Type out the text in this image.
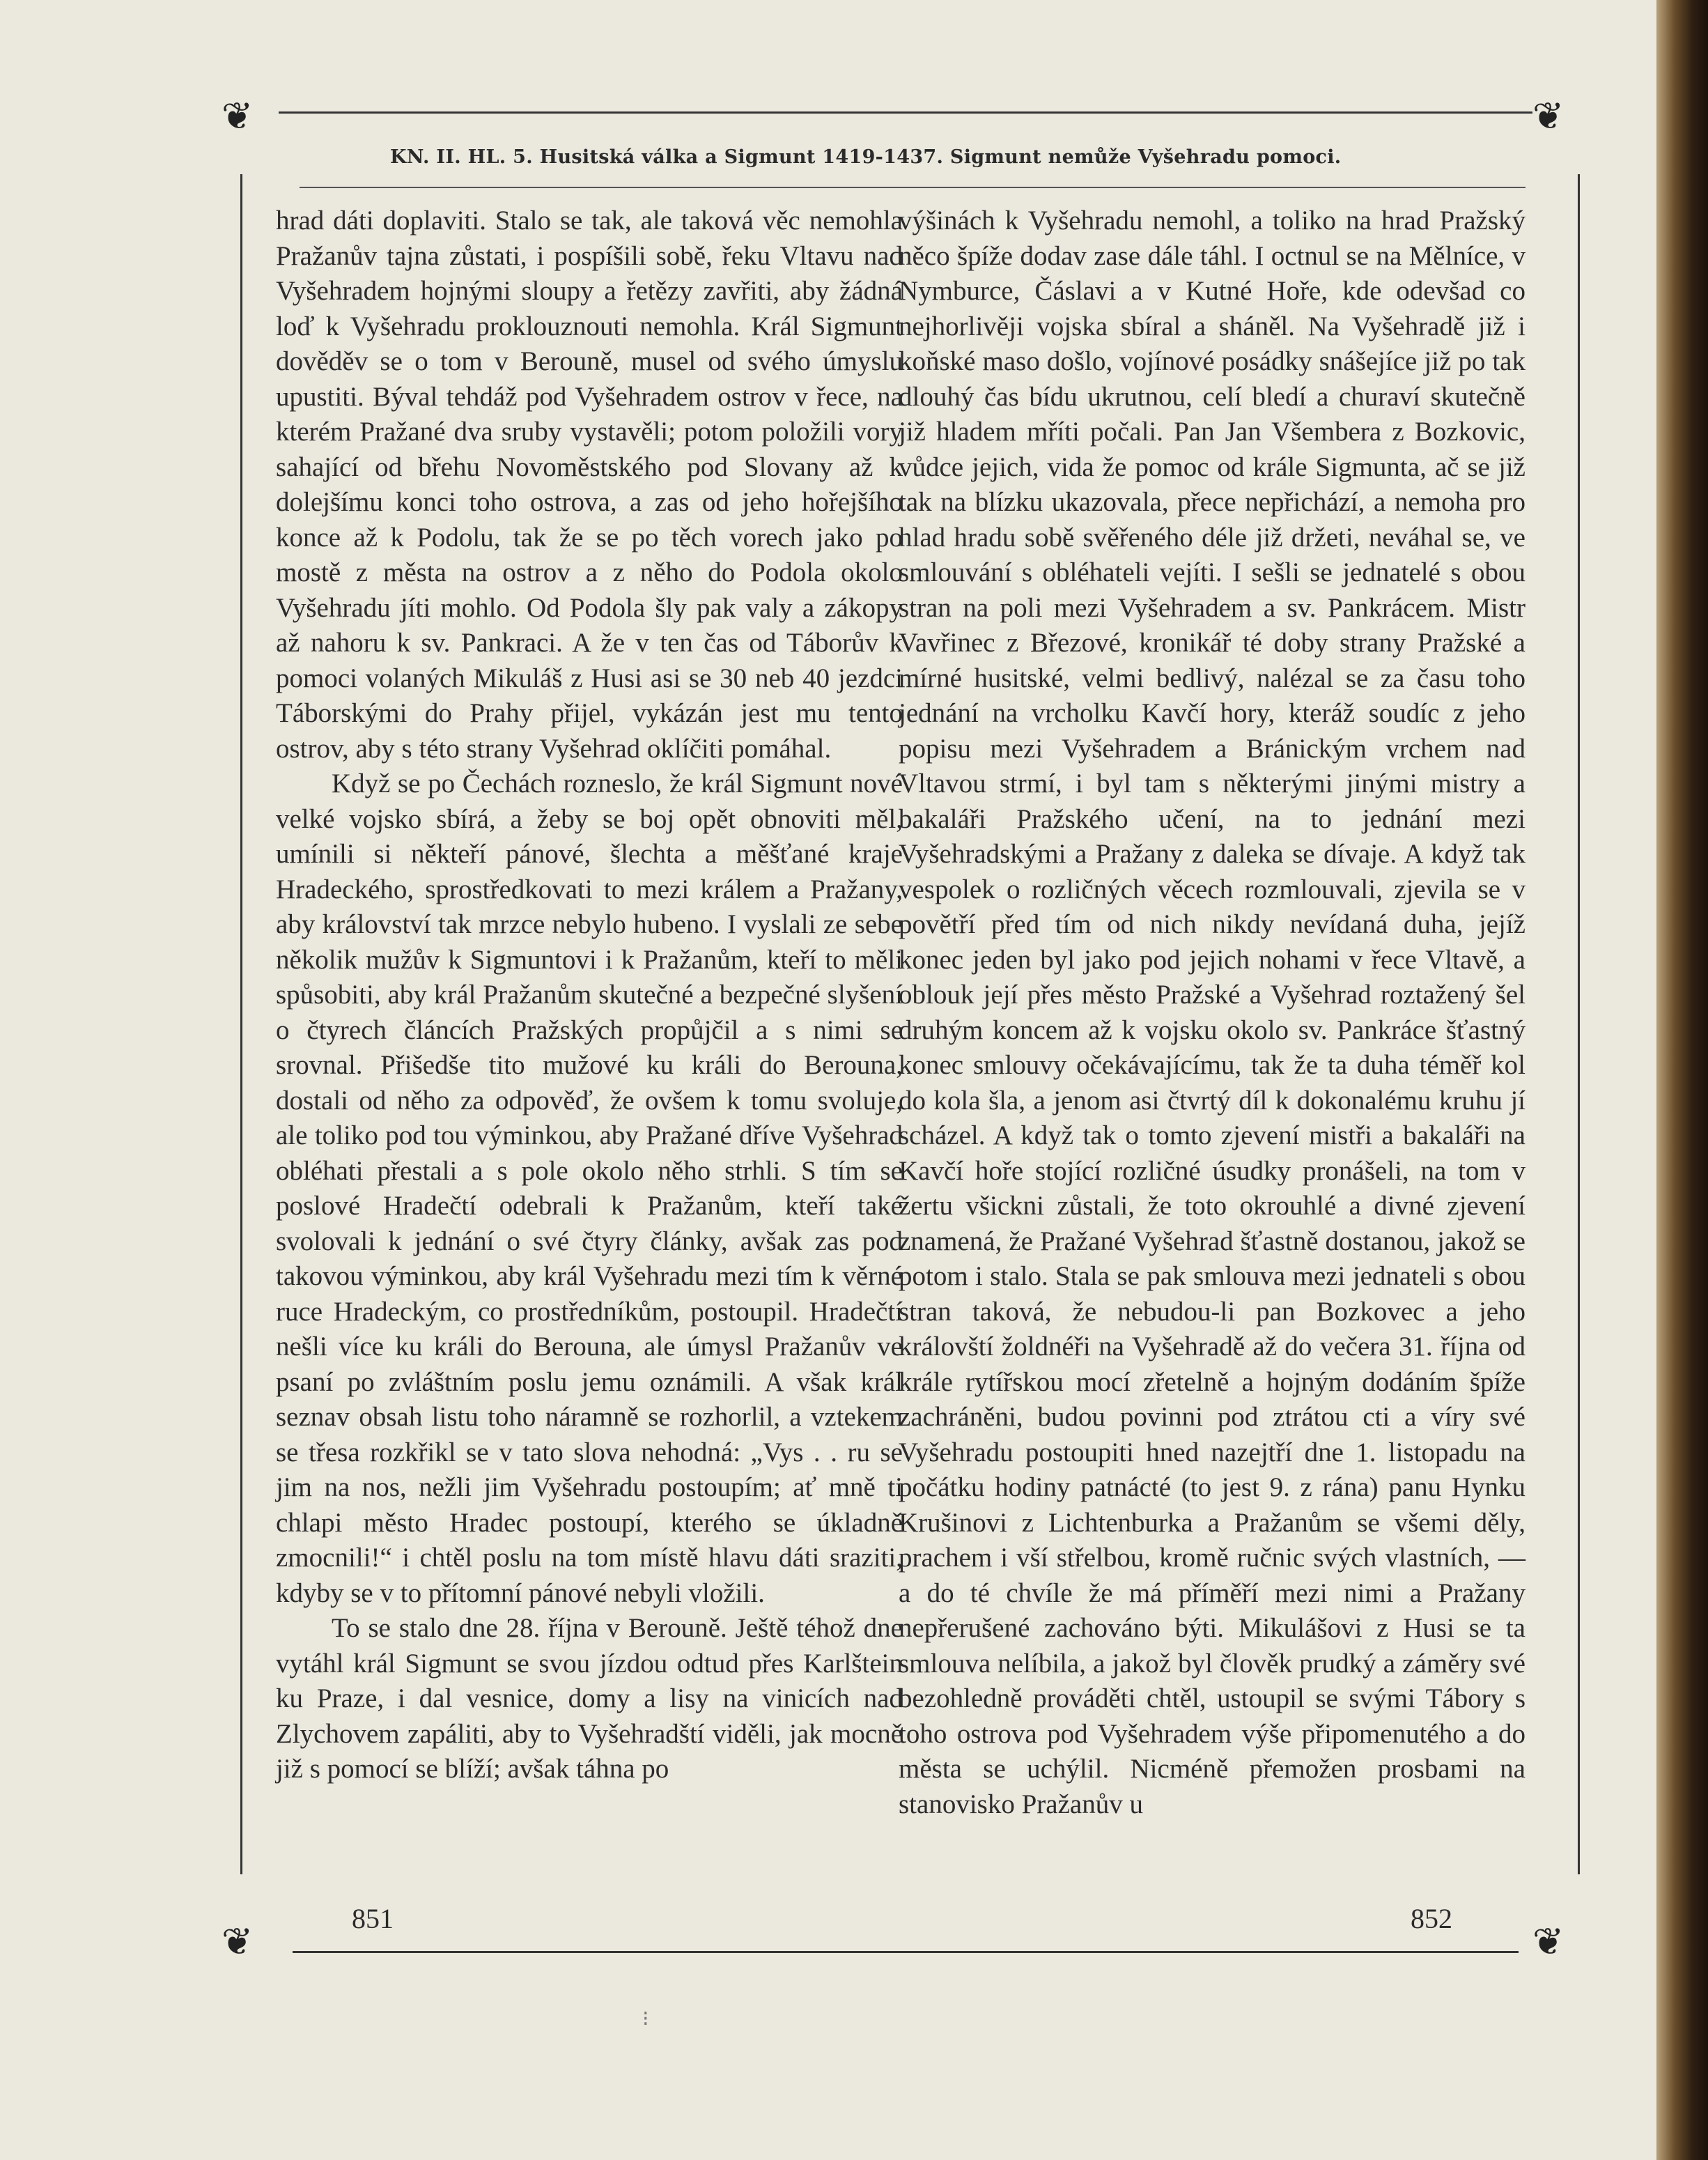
❦	❦
❦	❦
KN. II. HL. 5. Husitská válka a Sigmunt 1419-1437. Sigmunt nemůže Vyšehradu pomoci.

hrad dáti doplaviti. Stalo se tak, ale taková věc nemohla Pražanův tajna zůstati, i pospíšili sobě, řeku Vltavu nad Vyšehradem hojnými sloupy a řetězy zavřiti, aby žádná loď k Vyšehradu proklouznouti nemohla. Král Sigmunt dověděv se o tom v Berouně, musel od svého úmyslu upustiti. Býval tehdáž pod Vyšehradem ostrov v řece, na kterém Pražané dva sruby vystavěli; potom položili vory sahající od břehu Novoměstského pod Slovany až k dolejšímu konci toho ostrova, a zas od jeho hořejšího konce až k Podolu, tak že se po těch vorech jako po mostě z města na ostrov a z něho do Podola okolo Vyšehradu jíti mohlo. Od Podola šly pak valy a zákopy až nahoru k sv. Pankraci. A že v ten čas od Táborův k pomoci volaných Mikuláš z Husi asi se 30 neb 40 jezdci Táborskými do Prahy přijel, vykázán jest mu tento ostrov, aby s této strany Vyšehrad oklíčiti pomáhal.

Když se po Čechách rozneslo, že král Sigmunt nové velké vojsko sbírá, a žeby se boj opět obnoviti měl, umínili si někteří pánové, šlechta a měšťané kraje Hradeckého, sprostředkovati to mezi králem a Pražany, aby království tak mrzce nebylo hubeno. I vyslali ze sebe několik mužův k Sigmuntovi i k Pražanům, kteří to měli spůsobiti, aby král Pražanům skutečné a bezpečné slyšení o čtyrech článcích Pražských propůjčil a s nimi se srovnal. Přišedše tito mužové ku králi do Berouna, dostali od něho za odpověď, že ovšem k tomu svoluje, ale toliko pod tou výminkou, aby Pražané dříve Vyšehrad obléhati přestali a s pole okolo něho strhli. S tím se poslové Hradečtí odebrali k Pražanům, kteří také svolovali k jednání o své čtyry články, avšak zas pod takovou výminkou, aby král Vyšehradu mezi tím k věrné ruce Hradeckým, co prostředníkům, postoupil. Hradečtí nešli více ku králi do Berouna, ale úmysl Pražanův ve psaní po zvláštním poslu jemu oznámili. A však král seznav obsah listu toho náramně se rozhorlil, a vztekem se třesa rozkřikl se v tato slova nehodná: „Vys . . ru se jim na nos, nežli jim Vyšehradu postoupím; ať mně ti chlapi město Hradec postoupí, kterého se úkladně zmocnili!“ i chtěl poslu na tom místě hlavu dáti sraziti, kdyby se v to přítomní pánové nebyli vložili.

To se stalo dne 28. října v Berouně. Ještě téhož dne vytáhl král Sigmunt se svou jízdou odtud přes Karlštein ku Praze, i dal vesnice, domy a lisy na vinicích nad Zlychovem zapáliti, aby to Vyšehradští viděli, jak mocně již s pomocí se blíží; avšak táhna po

výšinách k Vyšehradu nemohl, a toliko na hrad Pražský něco špíže dodav zase dále táhl. I octnul se na Mělníce, v Nymburce, Čáslavi a v Kutné Hoře, kde odevšad co nejhorlivěji vojska sbíral a sháněl. Na Vyšehradě již i koňské maso došlo, vojínové posádky snášejíce již po tak dlouhý čas bídu ukrutnou, celí bledí a churaví skutečně již hladem mříti počali. Pan Jan Všembera z Bozkovic, vůdce jejich, vida že pomoc od krále Sigmunta, ač se již tak na blízku ukazovala, přece nepřichází, a nemoha pro hlad hradu sobě svěřeného déle již držeti, neváhal se, ve smlouvání s obléhateli vejíti. I sešli se jednatelé s obou stran na poli mezi Vyšehradem a sv. Pankrácem. Mistr Vavřinec z Březové, kronikář té doby strany Pražské a mírné husitské, velmi bedlivý, nalézal se za času toho jednání na vrcholku Kavčí hory, kteráž soudíc z jeho popisu mezi Vyšehradem a Bránickým vrchem nad Vltavou strmí, i byl tam s některými jinými mistry a bakaláři Pražského učení, na to jednání mezi Vyšehradskými a Pražany z daleka se dívaje. A když tak vespolek o rozličných věcech rozmlouvali, zjevila se v povětří před tím od nich nikdy nevídaná duha, jejíž konec jeden byl jako pod jejich nohami v řece Vltavě, a oblouk její přes město Pražské a Vyšehrad roztažený šel druhým koncem až k vojsku okolo sv. Pankráce šťastný konec smlouvy očekávajícímu, tak že ta duha téměř kol do kola šla, a jenom asi čtvrtý díl k dokonalému kruhu jí scházel. A když tak o tomto zjevení mistři a bakaláři na Kavčí hoře stojící rozličné úsudky pronášeli, na tom v žertu všickni zůstali, že toto okrouhlé a divné zjevení znamená, že Pražané Vyšehrad šťastně dostanou, jakož se potom i stalo. Stala se pak smlouva mezi jednateli s obou stran taková, že nebudou-li pan Bozkovec a jeho královští žoldnéři na Vyšehradě až do večera 31. října od krále rytířskou mocí zřetelně a hojným dodáním špíže zachráněni, budou povinni pod ztrátou cti a víry své Vyšehradu postoupiti hned nazejtří dne 1. listopadu na počátku hodiny patnácté (to jest 9. z rána) panu Hynku Krušinovi z Lichtenburka a Pražanům se všemi děly, prachem i vší střelbou, kromě ručnic svých vlastních, — a do té chvíle že má příměří mezi nimi a Pražany nepřerušené zachováno býti. Mikulášovi z Husi se ta smlouva nelíbila, a jakož byl člověk prudký a záměry své bezohledně prováděti chtěl, ustoupil se svými Tábory s toho ostrova pod Vyšehradem výše připomenutého a do města se uchýlil. Nicméně přemožen prosbami na stanovisko Pražanův u

851	852
⁝
